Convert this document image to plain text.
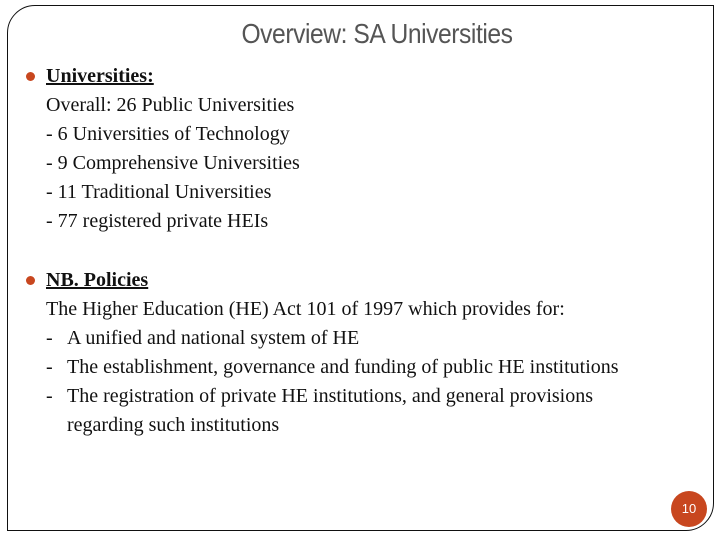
Overview: SA Universities
Universities:
Overall: 26 Public Universities
- 6 Universities of Technology
- 9 Comprehensive Universities
- 11 Traditional Universities
- 77 registered private HEIs
NB. Policies
The Higher Education (HE) Act 101 of 1997 which provides for:
- A unified and national system of HE
- The establishment, governance and funding of public HE institutions
- The registration of private HE institutions, and general provisions regarding such institutions
10
